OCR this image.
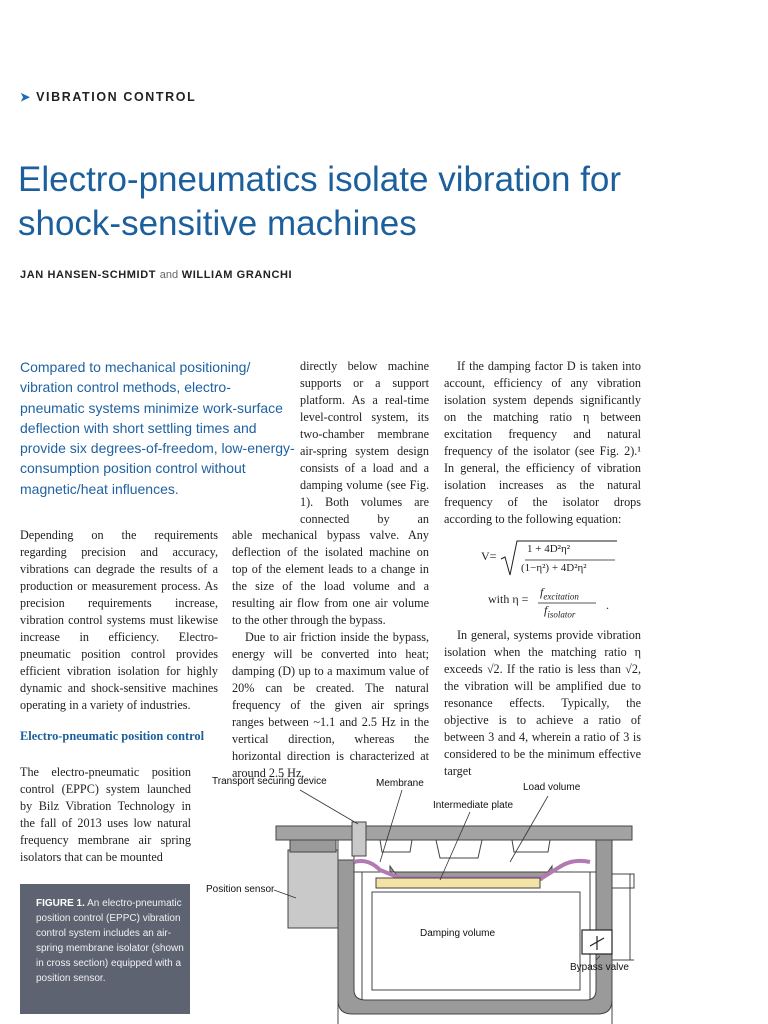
➤ VIBRATION CONTROL
Electro-pneumatics isolate vibration for shock-sensitive machines
JAN HANSEN-SCHMIDT and WILLIAM GRANCHI
Compared to mechanical positioning/ vibration control methods, electro-pneumatic systems minimize work-surface deflection with short settling times and provide six degrees-of-freedom, low-energy-consumption position control without magnetic/heat influences.

Depending on the requirements regarding precision and accuracy, vibrations can degrade the results of a production or measurement process. As precision requirements increase, vibration control systems must likewise increase in efficiency. Electro-pneumatic position control provides efficient vibration isolation for highly dynamic and shock-sensitive machines operating in a variety of industries.

Electro-pneumatic position control

The electro-pneumatic position control (EPPC) system launched by Bilz Vibration Technology in the fall of 2013 uses low natural frequency membrane air spring isolators that can be mounted

directly below machine supports or a support platform. As a real-time level-control system, its two-chamber membrane air-spring system design consists of a load and a damping volume (see Fig. 1). Both volumes are connected by an

able mechanical bypass valve. Any deflection of the isolated machine on top of the element leads to a change in the size of the load volume and a resulting air flow from one air volume to the other through the bypass.

Due to air friction inside the bypass, energy will be converted into heat; damping (D) up to a maximum value of 20% can be created. The natural frequency of the given air springs ranges between ~1.1 and 2.5 Hz in the vertical direction, whereas the horizontal direction is characterized at around 2.5 Hz.

If the damping factor D is taken into account, efficiency of any vibration isolation system depends significantly on the matching ratio η between excitation frequency and natural frequency of the isolator (see Fig. 2).¹ In general, the efficiency of vibration isolation increases as the natural frequency of the isolator drops according to the following equation:

V=	1 + 4D²η²
(1−η²) + 4D²η²
with $\eta = f_{excitation}$
$f_{isolator}$
.

In general, systems provide vibration isolation when the matching ratio η exceeds √2. If the ratio is less than √2, the vibration will be amplified due to resonance effects. Typically, the objective is to achieve a ratio of between 3 and 4, wherein a ratio of 3 is considered to be the minimum effective target

FIGURE 1. An electro-pneumatic position control (EPPC) vibration control system includes an air-spring membrane isolator (shown in cross section) equipped with a position sensor.
Transport securing device	Membrane	Load volume
Intermediate plate
Position sensor
Damping volume
Bypass valve
